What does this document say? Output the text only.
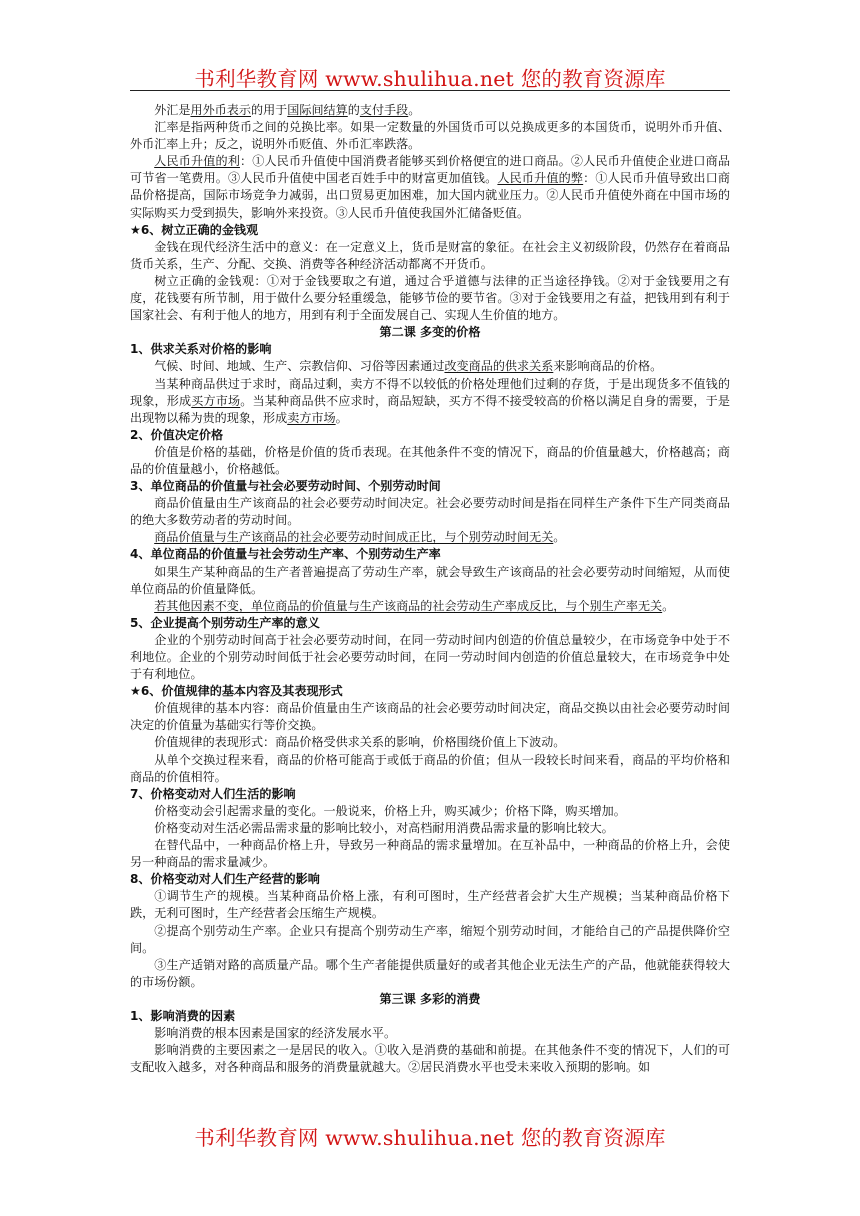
书利华教育网 www.shulihua.net 您的教育资源库

外汇是用外币表示的用于国际间结算的支付手段。

汇率是指两种货币之间的兑换比率。如果一定数量的外国货币可以兑换成更多的本国货币，说明外币升值、外币汇率上升；反之，说明外币贬值、外币汇率跌落。

人民币升值的利：①人民币升值使中国消费者能够买到价格便宜的进口商品。②人民币升值使企业进口商品可节省一笔费用。③人民币升值使中国老百姓手中的财富更加值钱。人民币升值的弊：①人民币升值导致出口商品价格提高，国际市场竞争力减弱，出口贸易更加困难，加大国内就业压力。②人民币升值使外商在中国市场的实际购买力受到损失，影响外来投资。③人民币升值使我国外汇储备贬值。

★6、树立正确的金钱观

金钱在现代经济生活中的意义：在一定意义上，货币是财富的象征。在社会主义初级阶段，仍然存在着商品货币关系，生产、分配、交换、消费等各种经济活动都离不开货币。

树立正确的金钱观：①对于金钱要取之有道，通过合乎道德与法律的正当途径挣钱。②对于金钱要用之有度，花钱要有所节制，用于做什么要分轻重缓急，能够节俭的要节省。③对于金钱要用之有益，把钱用到有利于国家社会、有利于他人的地方，用到有利于全面发展自己、实现人生价值的地方。

第二课 多变的价格
1、供求关系对价格的影响

气候、时间、地域、生产、宗教信仰、习俗等因素通过改变商品的供求关系来影响商品的价格。

当某种商品供过于求时，商品过剩，卖方不得不以较低的价格处理他们过剩的存货，于是出现货多不值钱的现象，形成买方市场。当某种商品供不应求时，商品短缺，买方不得不接受较高的价格以满足自身的需要，于是出现物以稀为贵的现象，形成卖方市场。

2、价值决定价格

价值是价格的基础，价格是价值的货币表现。在其他条件不变的情况下，商品的价值量越大，价格越高；商品的价值量越小，价格越低。

3、单位商品的价值量与社会必要劳动时间、个别劳动时间

商品价值量由生产该商品的社会必要劳动时间决定。社会必要劳动时间是指在同样生产条件下生产同类商品的绝大多数劳动者的劳动时间。

商品价值量与生产该商品的社会必要劳动时间成正比，与个别劳动时间无关。

4、单位商品的价值量与社会劳动生产率、个别劳动生产率

如果生产某种商品的生产者普遍提高了劳动生产率，就会导致生产该商品的社会必要劳动时间缩短，从而使单位商品的价值量降低。

若其他因素不变，单位商品的价值量与生产该商品的社会劳动生产率成反比，与个别生产率无关。

5、企业提高个别劳动生产率的意义

企业的个别劳动时间高于社会必要劳动时间，在同一劳动时间内创造的价值总量较少，在市场竞争中处于不利地位。企业的个别劳动时间低于社会必要劳动时间，在同一劳动时间内创造的价值总量较大，在市场竞争中处于有利地位。

★6、价值规律的基本内容及其表现形式

价值规律的基本内容：商品价值量由生产该商品的社会必要劳动时间决定，商品交换以由社会必要劳动时间决定的价值量为基础实行等价交换。

价值规律的表现形式：商品价格受供求关系的影响，价格围绕价值上下波动。

从单个交换过程来看，商品的价格可能高于或低于商品的价值；但从一段较长时间来看，商品的平均价格和商品的价值相符。

7、价格变动对人们生活的影响

价格变动会引起需求量的变化。一般说来，价格上升，购买减少；价格下降，购买增加。

价格变动对生活必需品需求量的影响比较小，对高档耐用消费品需求量的影响比较大。

在替代品中，一种商品价格上升，导致另一种商品的需求量增加。在互补品中，一种商品的价格上升，会使另一种商品的需求量减少。

8、价格变动对人们生产经营的影响

①调节生产的规模。当某种商品价格上涨，有利可图时，生产经营者会扩大生产规模；当某种商品价格下跌，无利可图时，生产经营者会压缩生产规模。

②提高个别劳动生产率。企业只有提高个别劳动生产率，缩短个别劳动时间，才能给自己的产品提供降价空间。

③生产适销对路的高质量产品。哪个生产者能提供质量好的或者其他企业无法生产的产品，他就能获得较大的市场份额。

第三课 多彩的消费
1、影响消费的因素

影响消费的根本因素是国家的经济发展水平。

影响消费的主要因素之一是居民的收入。①收入是消费的基础和前提。在其他条件不变的情况下，人们的可支配收入越多，对各种商品和服务的消费量就越大。②居民消费水平也受未来收入预期的影响。如

书利华教育网 www.shulihua.net 您的教育资源库
